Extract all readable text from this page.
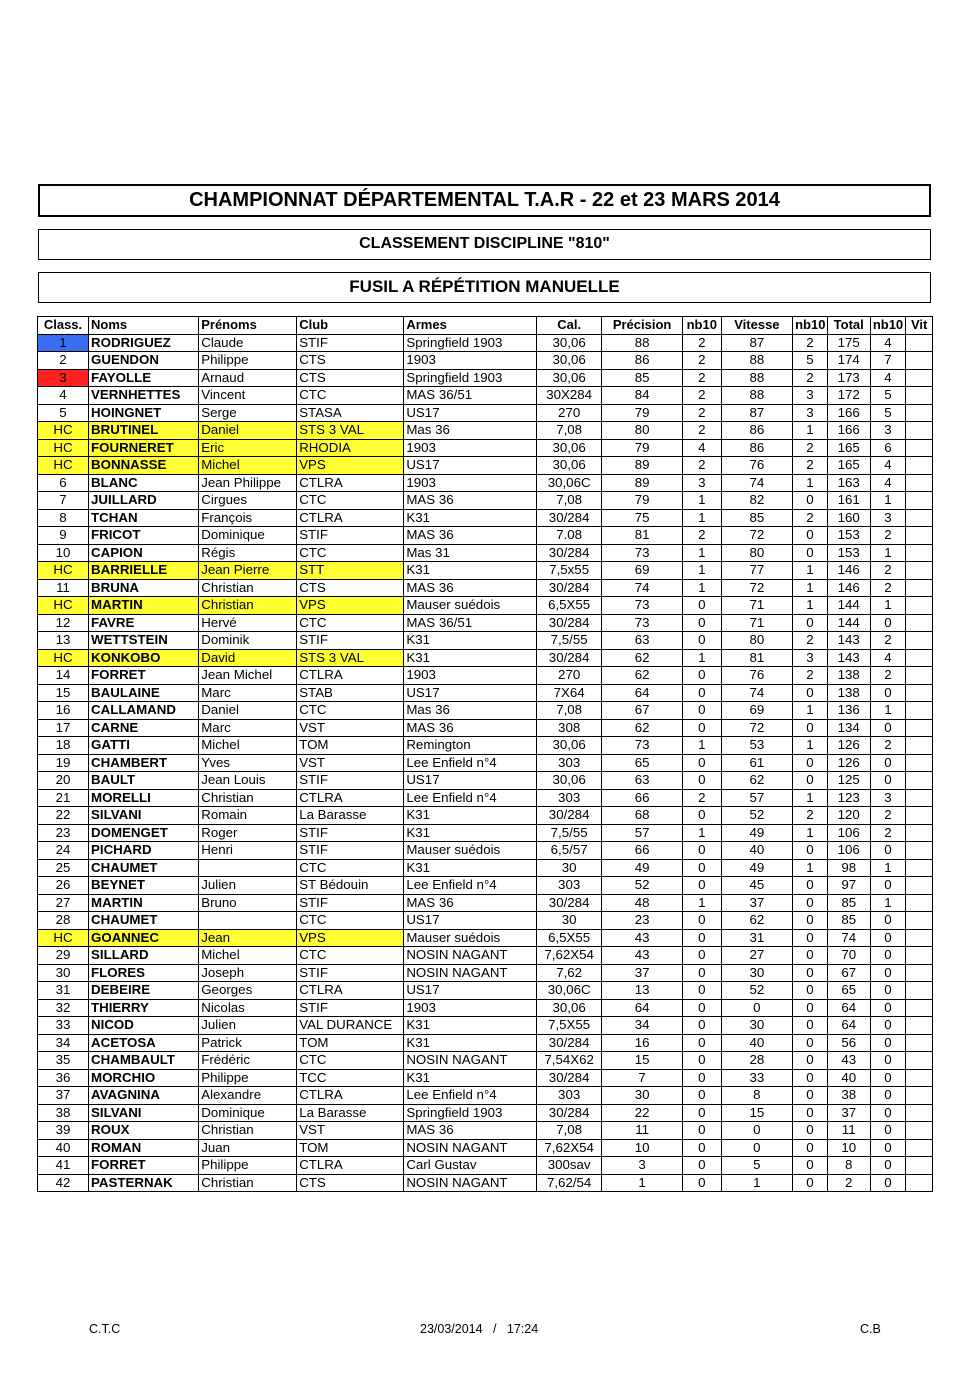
CHAMPIONNAT DÉPARTEMENTAL T.A.R - 22 et 23 MARS 2014
CLASSEMENT DISCIPLINE "810"
FUSIL A RÉPÉTITION MANUELLE
Class.	Noms	Prénoms	Club	Armes	Cal.	Précision	nb10	Vitesse	nb10	Total	nb10	Vit
1	RODRIGUEZ	Claude	STIF	Springfield 1903	30,06	88	2	87	2	175	4	
2	GUENDON	Philippe	CTS	1903	30,06	86	2	88	5	174	7	
3	FAYOLLE	Arnaud	CTS	Springfield 1903	30,06	85	2	88	2	173	4	
4	VERNHETTES	Vincent	CTC	MAS 36/51	30X284	84	2	88	3	172	5	
5	HOINGNET	Serge	STASA	US17	270	79	2	87	3	166	5	
HC	BRUTINEL	Daniel	STS 3 VAL	Mas 36	7,08	80	2	86	1	166	3	
HC	FOURNERET	Eric	RHODIA	1903	30,06	79	4	86	2	165	6	
HC	BONNASSE	Michel	VPS	US17	30,06	89	2	76	2	165	4	
6	BLANC	Jean Philippe	CTLRA	1903	30,06C	89	3	74	1	163	4	
7	JUILLARD	Cirgues	CTC	MAS 36	7,08	79	1	82	0	161	1	
8	TCHAN	François	CTLRA	K31	30/284	75	1	85	2	160	3	
9	FRICOT	Dominique	STIF	MAS 36	7.08	81	2	72	0	153	2	
10	CAPION	Régis	CTC	Mas 31	30/284	73	1	80	0	153	1	
HC	BARRIELLE	Jean Pierre	STT	K31	7,5x55	69	1	77	1	146	2	
11	BRUNA	Christian	CTS	MAS 36	30/284	74	1	72	1	146	2	
HC	MARTIN	Christian	VPS	Mauser suédois	6,5X55	73	0	71	1	144	1	
12	FAVRE	Hervé	CTC	MAS 36/51	30/284	73	0	71	0	144	0	
13	WETTSTEIN	Dominik	STIF	K31	7,5/55	63	0	80	2	143	2	
HC	KONKOBO	David	STS 3 VAL	K31	30/284	62	1	81	3	143	4	
14	FORRET	Jean Michel	CTLRA	1903	270	62	0	76	2	138	2	
15	BAULAINE	Marc	STAB	US17	7X64	64	0	74	0	138	0	
16	CALLAMAND	Daniel	CTC	Mas 36	7,08	67	0	69	1	136	1	
17	CARNE	Marc	VST	MAS 36	308	62	0	72	0	134	0	
18	GATTI	Michel	TOM	Remington	30,06	73	1	53	1	126	2	
19	CHAMBERT	Yves	VST	Lee Enfield n°4	303	65	0	61	0	126	0	
20	BAULT	Jean Louis	STIF	US17	30,06	63	0	62	0	125	0	
21	MORELLI	Christian	CTLRA	Lee Enfield n°4	303	66	2	57	1	123	3	
22	SILVANI	Romain	La Barasse	K31	30/284	68	0	52	2	120	2	
23	DOMENGET	Roger	STIF	K31	7,5/55	57	1	49	1	106	2	
24	PICHARD	Henri	STIF	Mauser suédois	6,5/57	66	0	40	0	106	0	
25	CHAUMET		CTC	K31	30	49	0	49	1	98	1	
26	BEYNET	Julien	ST Bédouin	Lee Enfield n°4	303	52	0	45	0	97	0	
27	MARTIN	Bruno	STIF	MAS 36	30/284	48	1	37	0	85	1	
28	CHAUMET		CTC	US17	30	23	0	62	0	85	0	
HC	GOANNEC	Jean	VPS	Mauser suédois	6,5X55	43	0	31	0	74	0	
29	SILLARD	Michel	CTC	NOSIN NAGANT	7,62X54	43	0	27	0	70	0	
30	FLORES	Joseph	STIF	NOSIN NAGANT	7,62	37	0	30	0	67	0	
31	DEBEIRE	Georges	CTLRA	US17	30,06C	13	0	52	0	65	0	
32	THIERRY	Nicolas	STIF	1903	30,06	64	0	0	0	64	0	
33	NICOD	Julien	VAL DURANCE	K31	7,5X55	34	0	30	0	64	0	
34	ACETOSA	Patrick	TOM	K31	30/284	16	0	40	0	56	0	
35	CHAMBAULT	Frédéric	CTC	NOSIN NAGANT	7,54X62	15	0	28	0	43	0	
36	MORCHIO	Philippe	TCC	K31	30/284	7	0	33	0	40	0	
37	AVAGNINA	Alexandre	CTLRA	Lee Enfield n°4	303	30	0	8	0	38	0	
38	SILVANI	Dominique	La Barasse	Springfield 1903	30/284	22	0	15	0	37	0	
39	ROUX	Christian	VST	MAS 36	7,08	11	0	0	0	11	0	
40	ROMAN	Juan	TOM	NOSIN NAGANT	7,62X54	10	0	0	0	10	0	
41	FORRET	Philippe	CTLRA	Carl Gustav	300sav	3	0	5	0	8	0	
42	PASTERNAK	Christian	CTS	NOSIN NAGANT	7,62/54	1	0	1	0	2	0	
C.T.C	23/03/2014   /   17:24	C.B
